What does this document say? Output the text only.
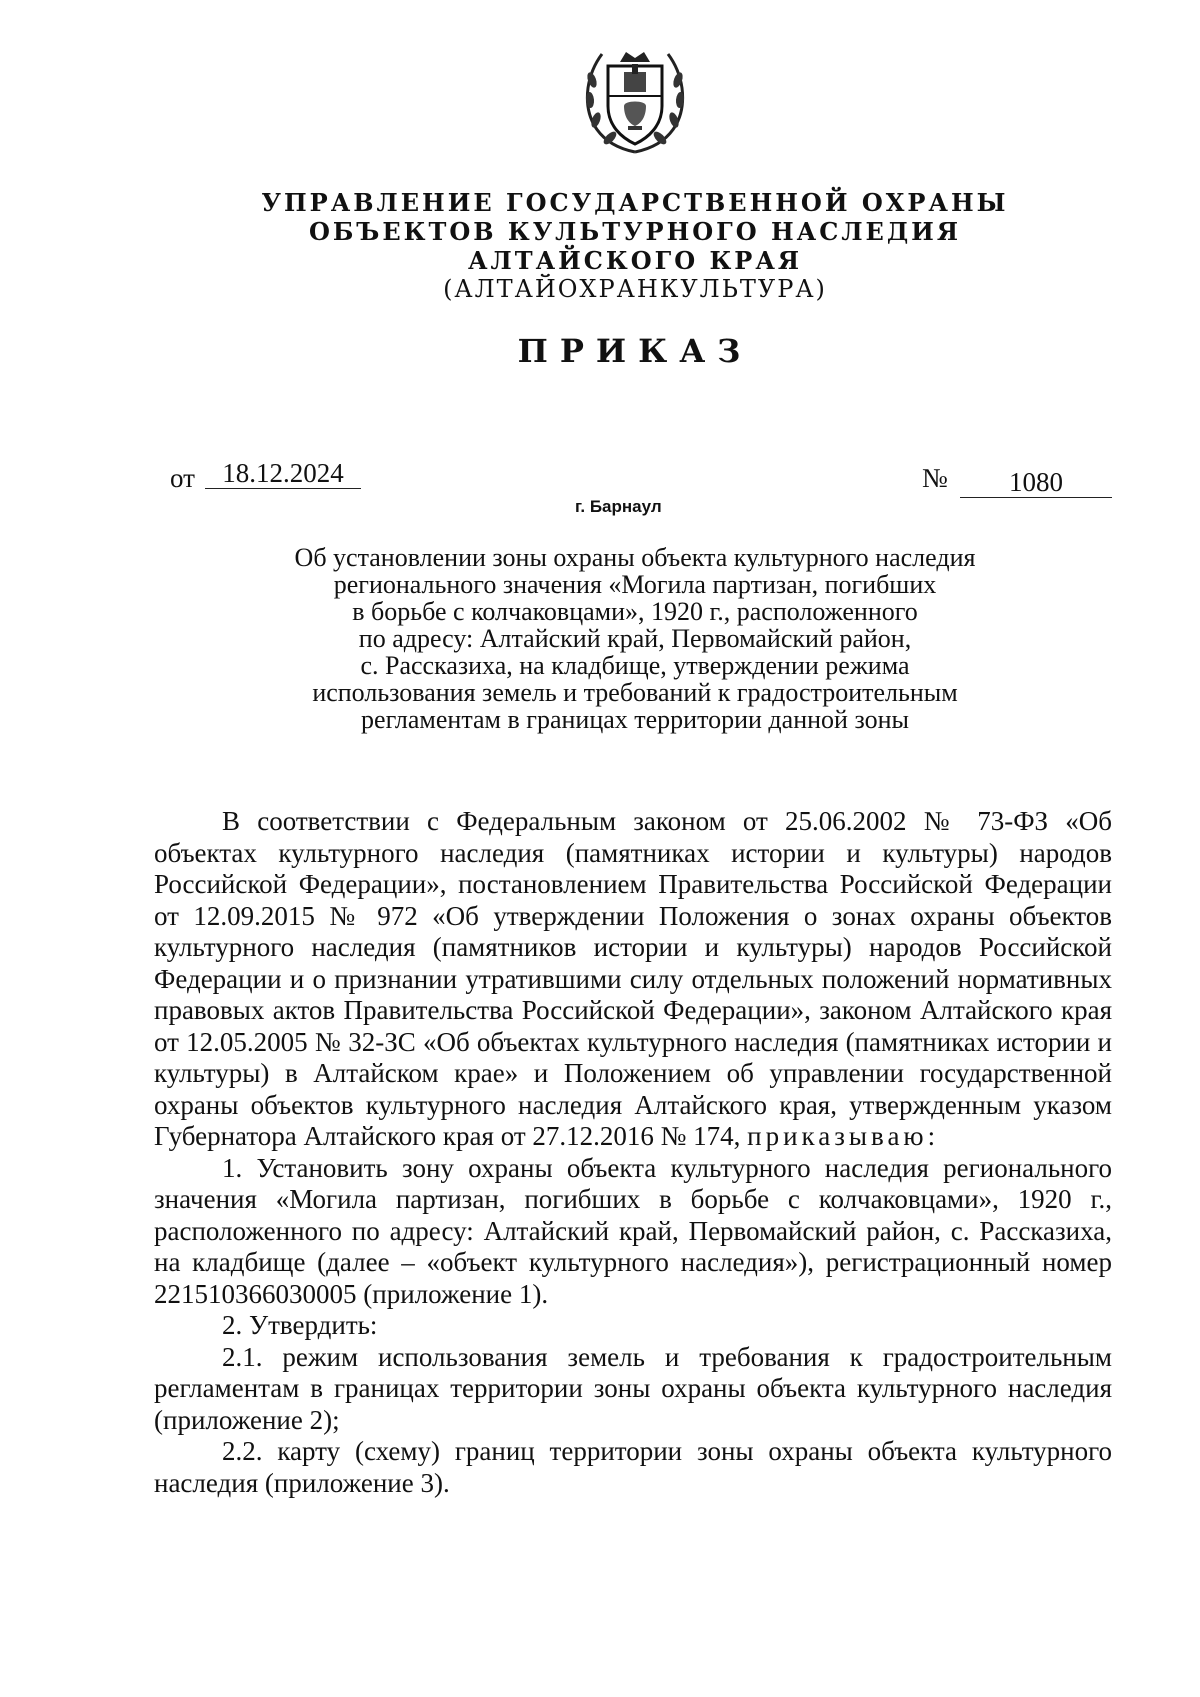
УПРАВЛЕНИЕ ГОСУДАРСТВЕННОЙ ОХРАНЫ
ОБЪЕКТОВ КУЛЬТУРНОГО НАСЛЕДИЯ
АЛТАЙСКОГО КРАЯ
(АЛТАЙОХРАНКУЛЬТУРА)
ПРИКАЗ
от	18.12.2024	№	1080
г. Барнаул
Об установлении зоны охраны объекта культурного наследия
регионального значения «Могила партизан, погибших
в борьбе с колчаковцами», 1920 г., расположенного
по адресу: Алтайский край, Первомайский район,
с. Рассказиха, на кладбище, утверждении режима
использования земель и требований к градостроительным
регламентам в границах территории данной зоны

В соответствии с Федеральным законом от 25.06.2002 № 73-ФЗ «Об объектах культурного наследия (памятниках истории и культуры) народов Российской Федерации», постановлением Правительства Российской Федерации от 12.09.2015 № 972 «Об утверждении Положения о зонах охраны объектов культурного наследия (памятников истории и культуры) народов Российской Федерации и о признании утратившими силу отдельных положений нормативных правовых актов Правительства Российской Федерации», законом Алтайского края от 12.05.2005 № 32-ЗС «Об объектах культурного наследия (памятниках истории и культуры) в Алтайском крае» и Положением об управлении государственной охраны объектов культурного наследия Алтайского края, утвержденным указом Губернатора Алтайского края от 27.12.2016 № 174, приказываю:

1. Установить зону охраны объекта культурного наследия регионального значения «Могила партизан, погибших в борьбе с колчаковцами», 1920 г., расположенного по адресу: Алтайский край, Первомайский район, с. Рассказиха, на кладбище (далее – «объект культурного наследия»), регистрационный номер 221510366030005 (приложение 1).

2. Утвердить:

2.1. режим использования земель и требования к градостроительным регламентам в границах территории зоны охраны объекта культурного наследия (приложение 2);

2.2. карту (схему) границ территории зоны охраны объекта культурного наследия (приложение 3).
